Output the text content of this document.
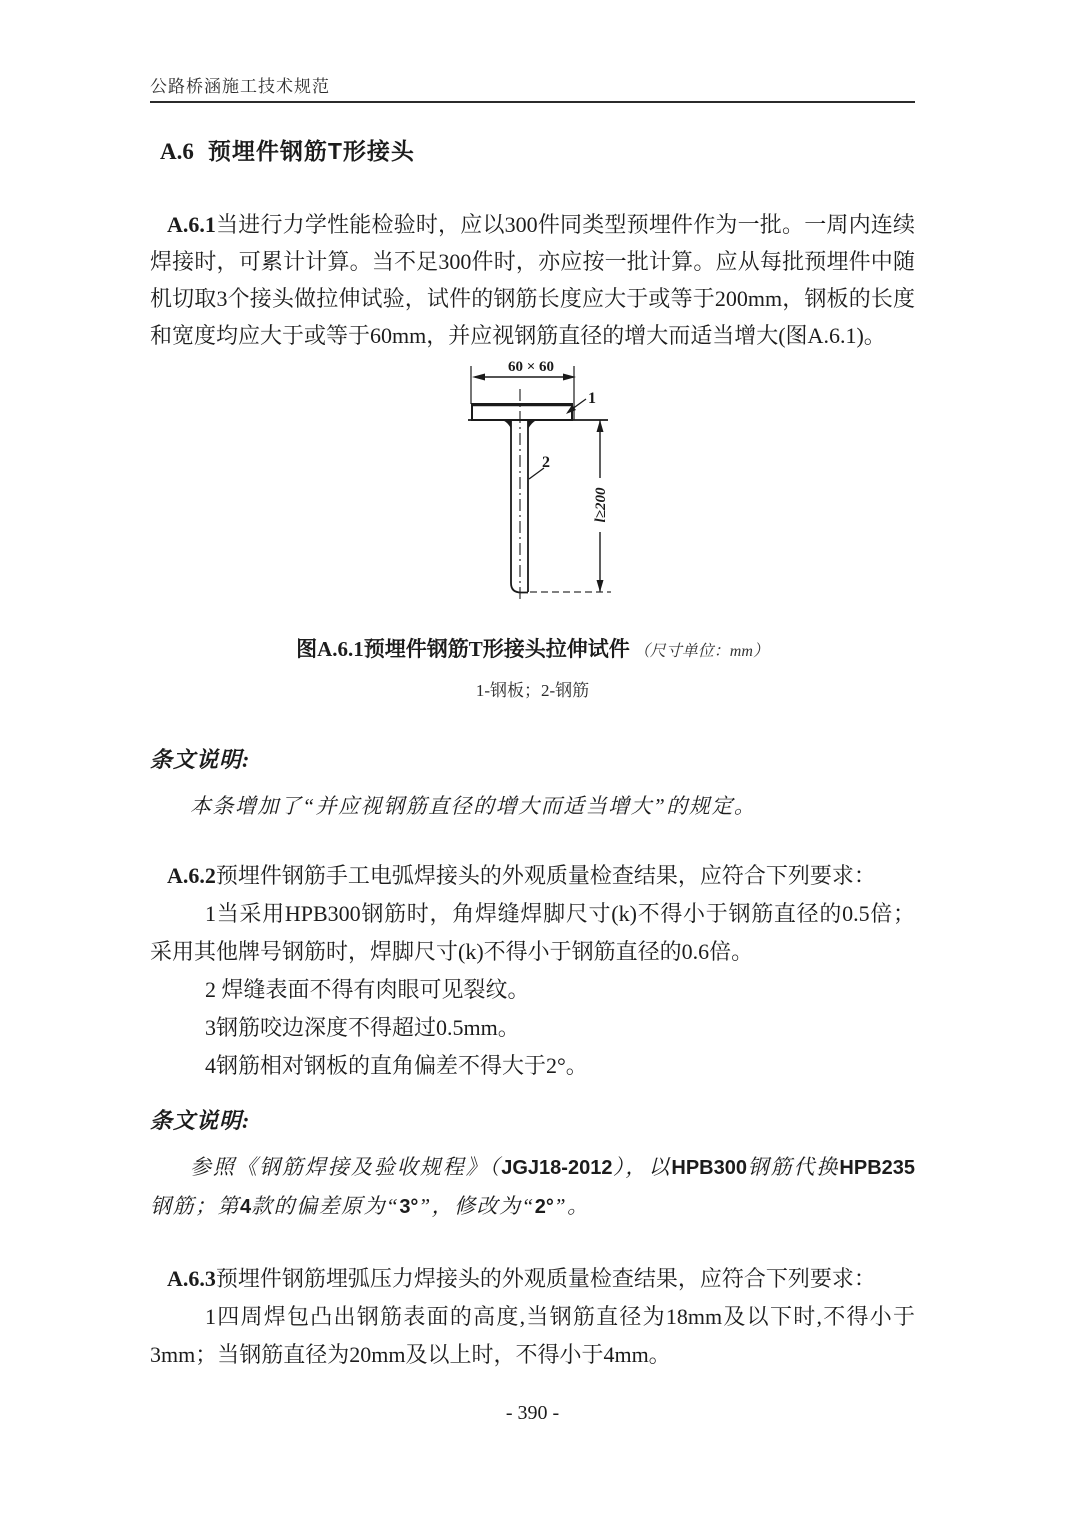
公路桥涵施工技术规范
A.6 预埋件钢筋T形接头

A.6.1当进行力学性能检验时，应以300件同类型预埋件作为一批。一周内连续焊接时，可累计计算。当不足300件时，亦应按一批计算。应从每批预埋件中随机切取3个接头做拉伸试验，试件的钢筋长度应大于或等于200mm，钢板的长度和宽度均应大于或等于60mm，并应视钢筋直径的增大而适当增大(图A.6.1)。

60 × 60
1
2
l≥200
图A.6.1预埋件钢筋T形接头拉伸试件 （尺寸单位：mm）
1-钢板；2-钢筋
条文说明:

本条增加了“并应视钢筋直径的增大而适当增大”的规定。

A.6.2预埋件钢筋手工电弧焊接头的外观质量检查结果，应符合下列要求：

1当采用HPB300钢筋时，角焊缝焊脚尺寸(k)不得小于钢筋直径的0.5倍；采用其他牌号钢筋时，焊脚尺寸(k)不得小于钢筋直径的0.6倍。

2 焊缝表面不得有肉眼可见裂纹。

3钢筋咬边深度不得超过0.5mm。

4钢筋相对钢板的直角偏差不得大于2°。

条文说明:

参照《钢筋焊接及验收规程》（JGJ18-2012），以HPB300钢筋代换HPB235钢筋；第4款的偏差原为“3°”，修改为“2°”。

A.6.3预埋件钢筋埋弧压力焊接头的外观质量检查结果，应符合下列要求：

1四周焊包凸出钢筋表面的高度,当钢筋直径为18mm及以下时,不得小于3mm；当钢筋直径为20mm及以上时，不得小于4mm。

- 390 -
